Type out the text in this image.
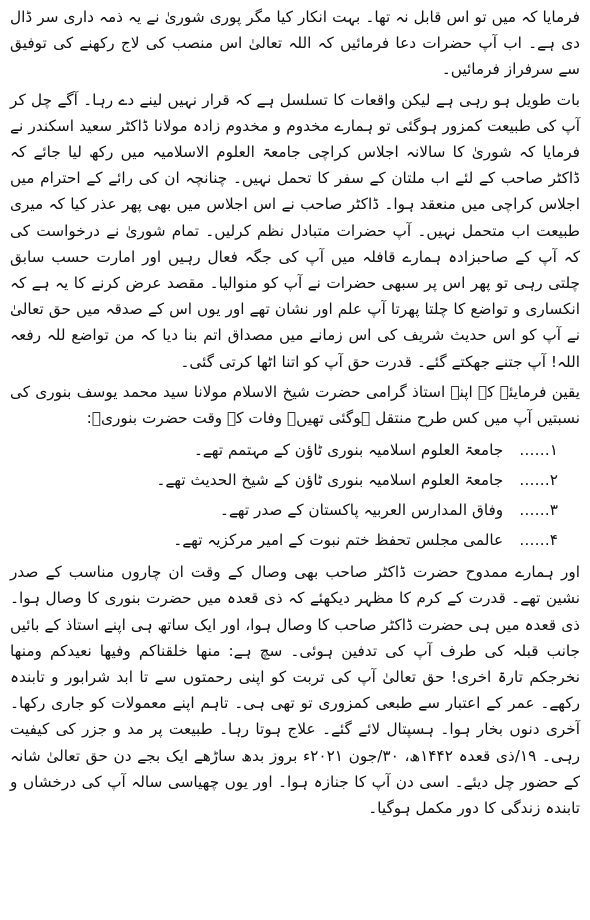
فرمایا کہ میں تو اس قابل نہ تھا۔ بہت انکار کیا مگر پوری شوریٰ نے یہ ذمہ داری سر ڈال دی ہے۔ اب آپ حضرات دعا فرمائیں کہ اللہ تعالیٰ اس منصب کی لاج رکھنے کی توفیق سے سرفراز فرمائیں۔

بات طویل ہو رہی ہے لیکن واقعات کا تسلسل ہے کہ قرار نہیں لینے دے رہا۔ آگے چل کر آپ کی طبیعت کمزور ہوگئی تو ہمارے مخدوم و مخدوم زادہ مولانا ڈاکٹر سعید اسکندر نے فرمایا کہ شوریٰ کا سالانہ اجلاس کراچی جامعۃ العلوم الاسلامیہ میں رکھ لیا جائے کہ ڈاکٹر صاحب کے لئے اب ملتان کے سفر کا تحمل نہیں۔ چنانچہ ان کی رائے کے احترام میں اجلاس کراچی میں منعقد ہوا۔ ڈاکٹر صاحب نے اس اجلاس میں بھی پھر عذر کیا کہ میری طبیعت اب متحمل نہیں۔ آپ حضرات متبادل نظم کرلیں۔ تمام شوریٰ نے درخواست کی کہ آپ کے صاحبزادہ ہمارے قافلہ میں آپ کی جگہ فعال رہیں اور امارت حسب سابق چلتی رہی تو پھر اس پر سبھی حضرات نے آپ کو منوالیا۔ مقصد عرض کرنے کا یہ ہے کہ انکساری و تواضع کا چلتا پھرتا آپ علم اور نشان تھے اور یوں اس کے صدقہ میں حق تعالیٰ نے آپ کو اس حدیث شریف کی اس زمانے میں مصداق اتم بنا دیا کہ من تواضع للہ رفعہ اللہ! آپ جتنے جھکتے گئے۔ قدرت حق آپ کو اتنا اٹھا کرتی گئی۔

یقین فرمایئے کہ اپنے استاذ گرامی حضرت شیخ الاسلام مولانا سید محمد یوسف بنوری کی نسبتیں آپ میں کس طرح منتقل ہوگئی تھیں۔ وفات کے وقت حضرت بنوریؒ:

……۱
جامعۃ العلوم اسلامیہ بنوری ٹاؤن کے مہتمم تھے۔
……۲
جامعۃ العلوم اسلامیہ بنوری ٹاؤن کے شیخ الحدیث تھے۔
……۳
وفاق المدارس العربیہ پاکستان کے صدر تھے۔
……۴
عالمی مجلس تحفظ ختم نبوت کے امیر مرکزیہ تھے۔

اور ہمارے ممدوح حضرت ڈاکٹر صاحب بھی وصال کے وقت ان چاروں مناسب کے صدر نشین تھے۔ قدرت کے کرم کا مظہر دیکھئے کہ ذی قعدہ میں حضرت بنوری کا وصال ہوا۔ ذی قعدہ میں ہی حضرت ڈاکٹر صاحب کا وصال ہوا، اور ایک ساتھ ہی اپنے استاذ کے بائیں جانب قبلہ کی طرف آپ کی تدفین ہوئی۔ سچ ہے: منھا خلقناکم وفیھا نعیدکم ومنھا نخرجکم تارۃ اخری! حق تعالیٰ آپ کی تربت کو اپنی رحمتوں سے تا ابد شرابور و تابندہ رکھے۔ عمر کے اعتبار سے طبعی کمزوری تو تھی ہی۔ تاہم اپنے معمولات کو جاری رکھا۔ آخری دنوں بخار ہوا۔ ہسپتال لائے گئے۔ علاج ہوتا رہا۔ طبیعت پر مد و جزر کی کیفیت رہی۔ ۱۹/ذی قعدہ ۱۴۴۲ھ، ۳۰/جون ۲۰۲۱ء بروز بدھ ساڑھے ایک بجے دن حق تعالیٰ شانہ کے حضور چل دیئے۔ اسی دن آپ کا جنازہ ہوا۔ اور یوں چھیاسی سالہ آپ کی درخشاں و تابندہ زندگی کا دور مکمل ہوگیا۔
